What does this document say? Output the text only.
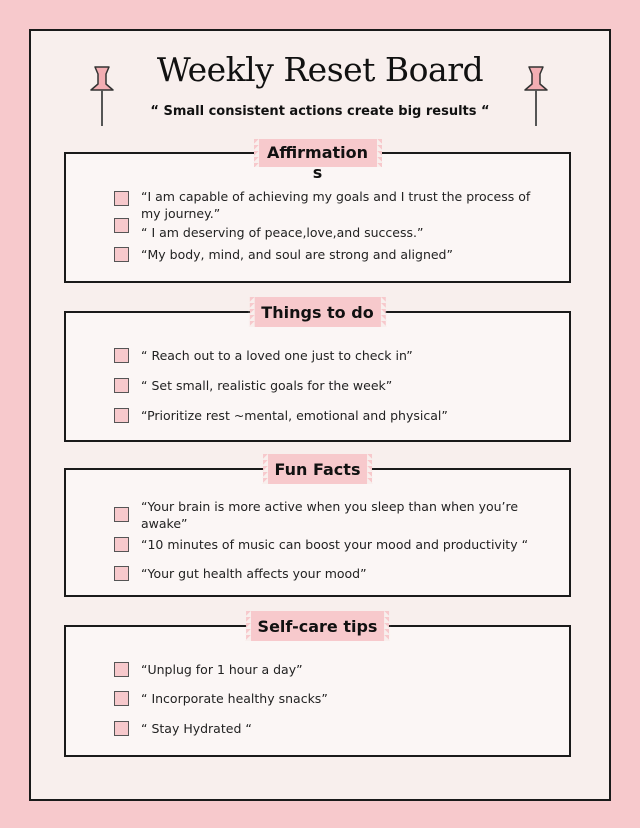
Weekly Reset Board
“ Small consistent actions create big results “
Affirmations
“I am capable of achieving my goals and I trust the process of my journey.”
“ I am deserving of peace,love,and success.”
“My body, mind, and soul are strong and aligned”
Things to do
“ Reach out to a loved one just to check in”
“ Set small, realistic goals for the week”
“Prioritize rest ~mental, emotional and physical”
Fun Facts
“Your brain is more active when you sleep than when you’re awake”
“10 minutes of music can boost your mood and productivity “
“Your gut health affects your mood”
Self-care tips
“Unplug for 1 hour a day”
“ Incorporate healthy snacks”
“ Stay Hydrated “
